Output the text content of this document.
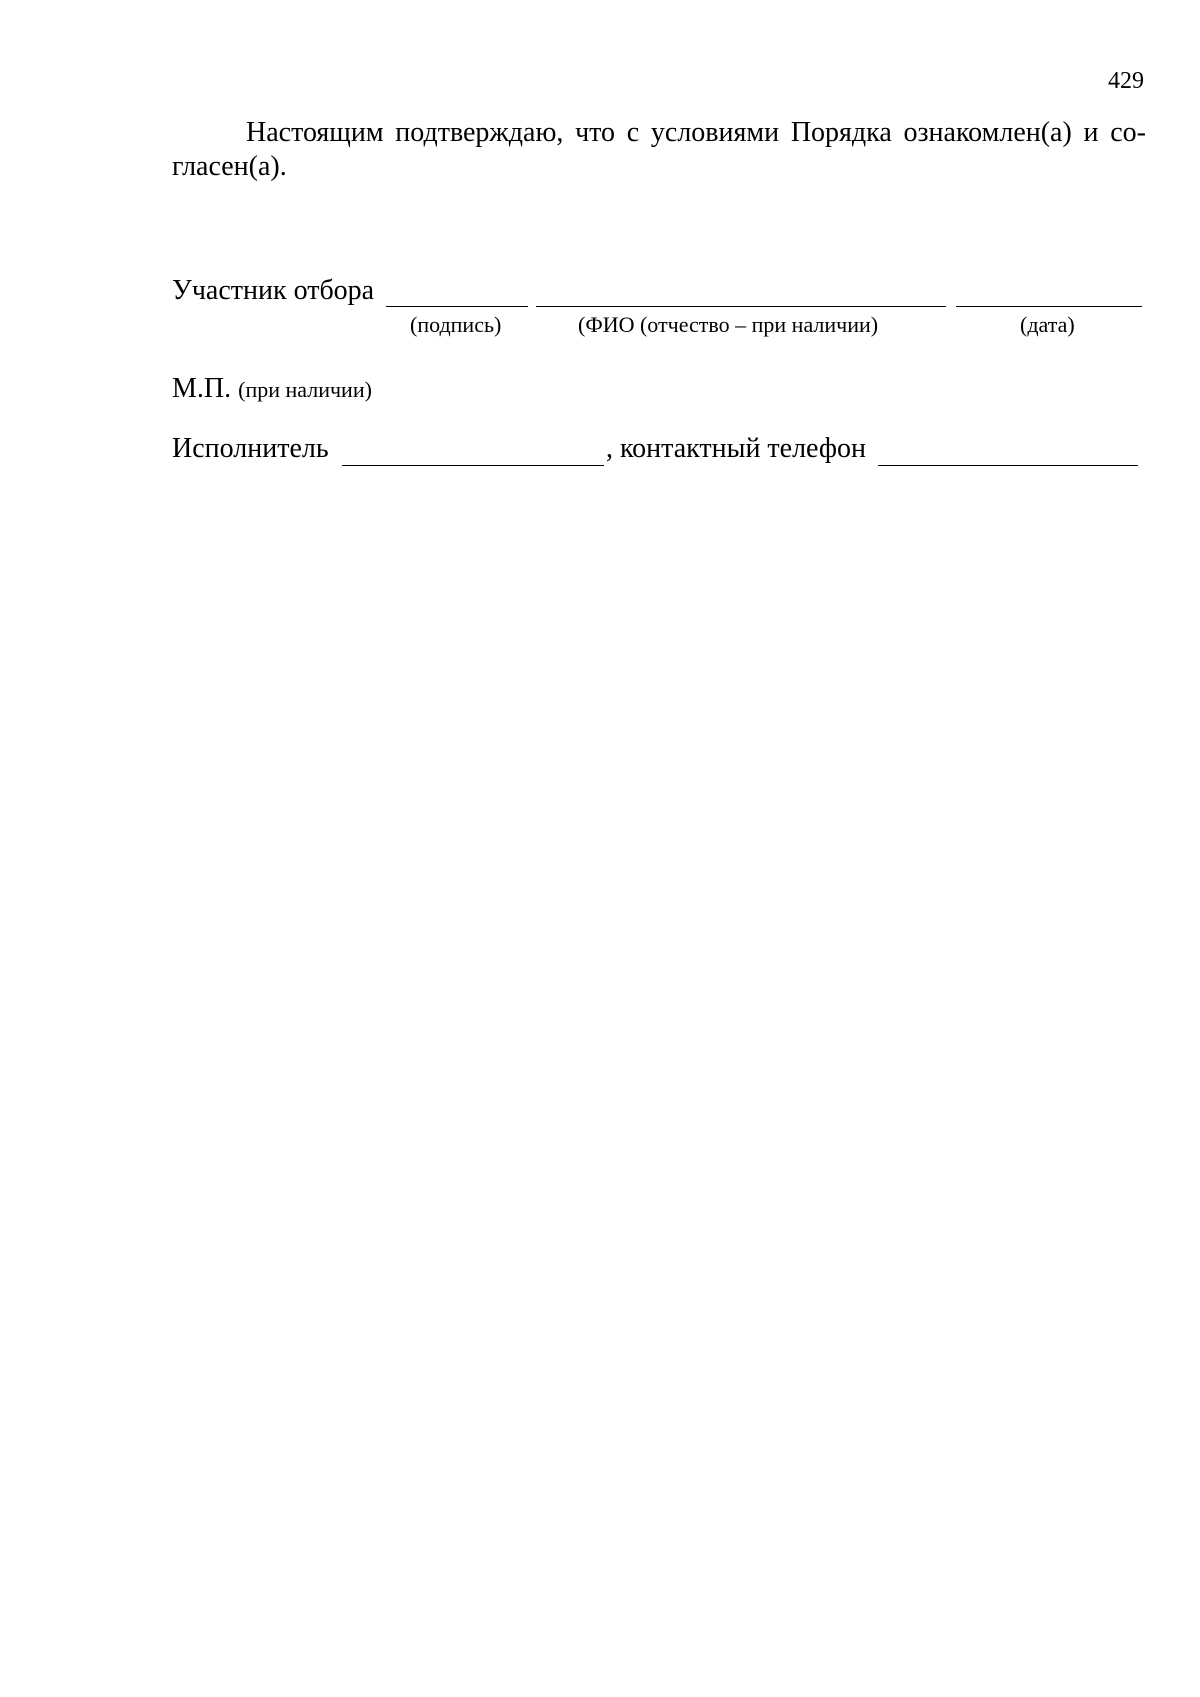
429
Настоящим подтверждаю, что с условиями Порядка ознакомлен(а) и со-
гласен(а).
Участник отбора
(подпись)	(ФИО (отчество – при наличии)	(дата)
М.П. (при наличии)
Исполнитель	, контактный телефон
